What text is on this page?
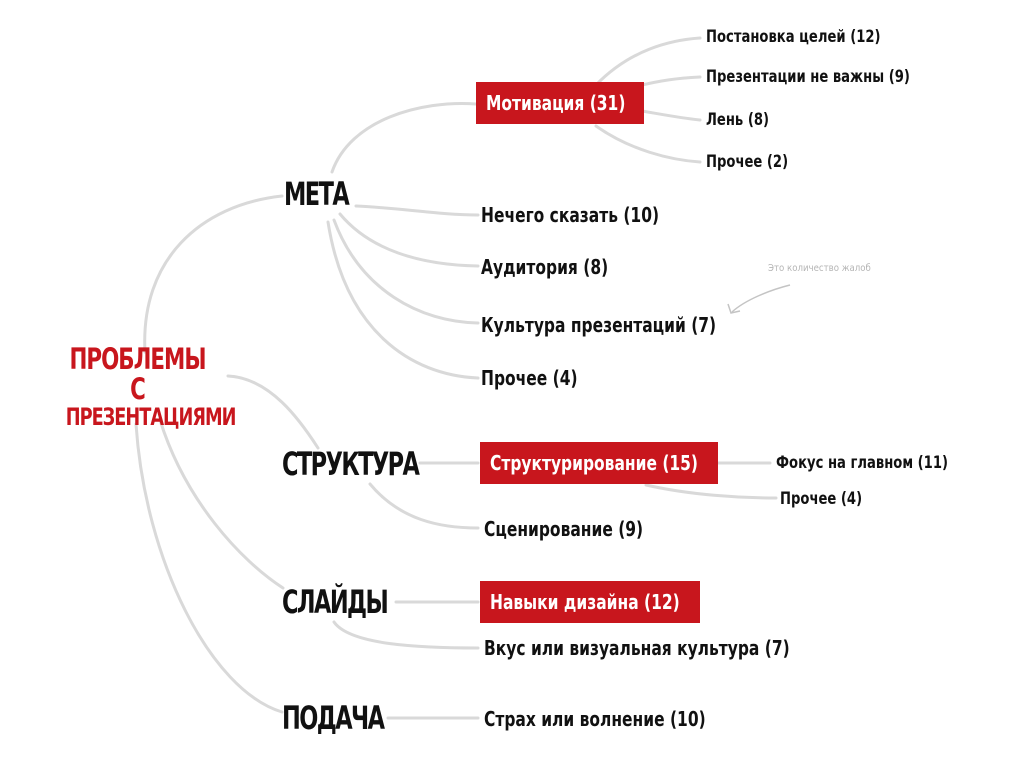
ПРОБЛЕМЫ С
ПРЕЗЕНТАЦИЯМИ
МЕТА
СТРУКТУРА
СЛАЙДЫ
ПОДАЧА
Мотивация (31)
Постановка целей (12)
Презентации не важны (9)
Лень (8)
Прочее (2)
Нечего сказать (10)
Аудитория (8)
Культура презентаций (7)
Прочее (4)
Это количество жалоб
Структурирование (15)	Фокус на главном (11)
Прочее (4)
Сценирование (9)
Навыки дизайна (12)
Вкус или визуальная культура (7)
Страх или волнение (10)
